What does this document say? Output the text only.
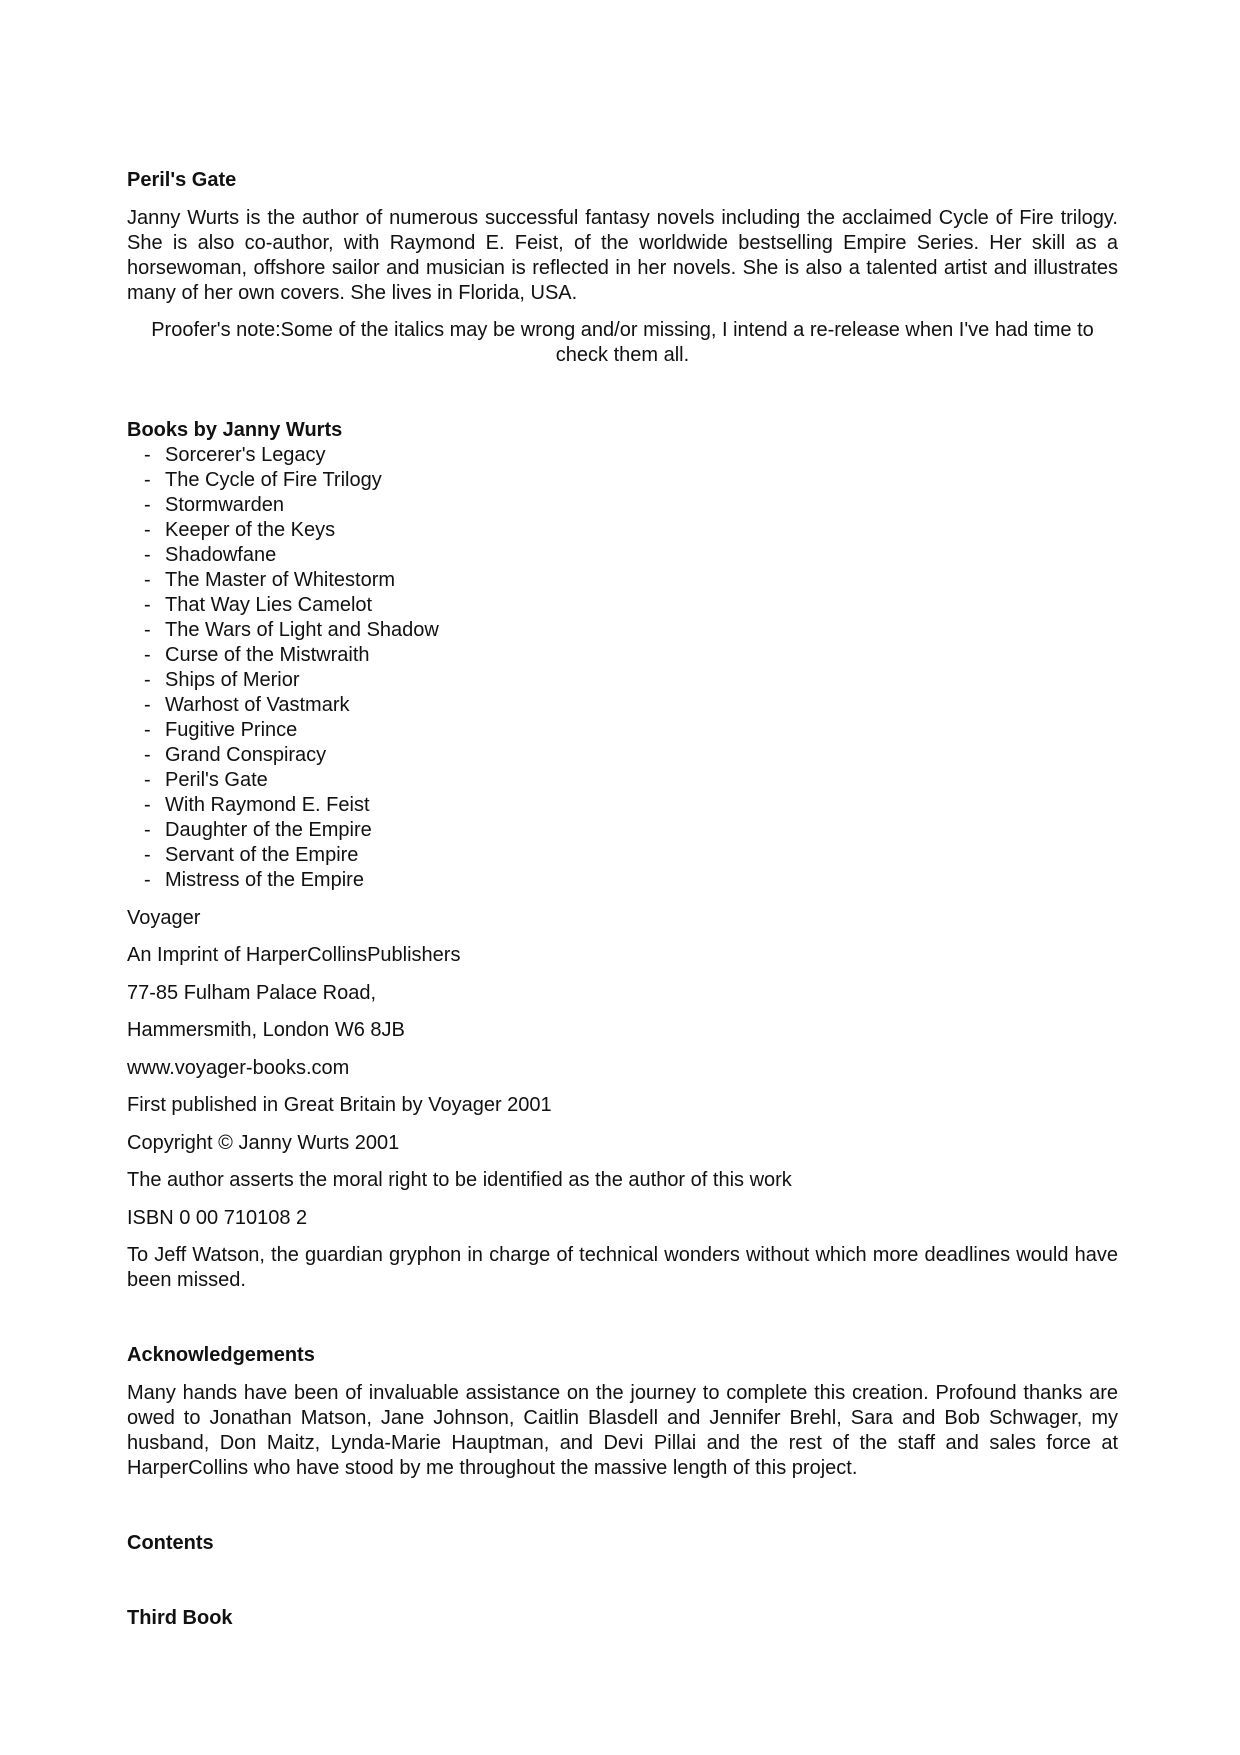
Peril's Gate

Janny Wurts is the author of numerous successful fantasy novels including the acclaimed Cycle of Fire trilogy. She is also co-author, with Raymond E. Feist, of the worldwide bestselling Empire Series. Her skill as a horsewoman, offshore sailor and musician is reflected in her novels. She is also a talented artist and illustrates many of her own covers. She lives in Florida, USA.

Proofer's note:Some of the italics may be wrong and/or missing, I intend a re-release when I've had time to check them all.

Books by Janny Wurts

- Sorcerer's Legacy
- The Cycle of Fire Trilogy
- Stormwarden
- Keeper of the Keys
- Shadowfane
- The Master of Whitestorm
- That Way Lies Camelot
- The Wars of Light and Shadow
- Curse of the Mistwraith
- Ships of Merior
- Warhost of Vastmark
- Fugitive Prince
- Grand Conspiracy
- Peril's Gate
- With Raymond E. Feist
- Daughter of the Empire
- Servant of the Empire
- Mistress of the Empire

Voyager

An Imprint of HarperCollinsPublishers

77-85 Fulham Palace Road,

Hammersmith, London W6 8JB

www.voyager-books.com

First published in Great Britain by Voyager 2001

Copyright © Janny Wurts 2001

The author asserts the moral right to be identified as the author of this work

ISBN 0 00 710108 2

To Jeff Watson, the guardian gryphon in charge of technical wonders without which more deadlines would have been missed.

Acknowledgements

Many hands have been of invaluable assistance on the journey to complete this creation. Profound thanks are owed to Jonathan Matson, Jane Johnson, Caitlin Blasdell and Jennifer Brehl, Sara and Bob Schwager, my husband, Don Maitz, Lynda-Marie Hauptman, and Devi Pillai and the rest of the staff and sales force at HarperCollins who have stood by me throughout the massive length of this project.

Contents

Third Book
